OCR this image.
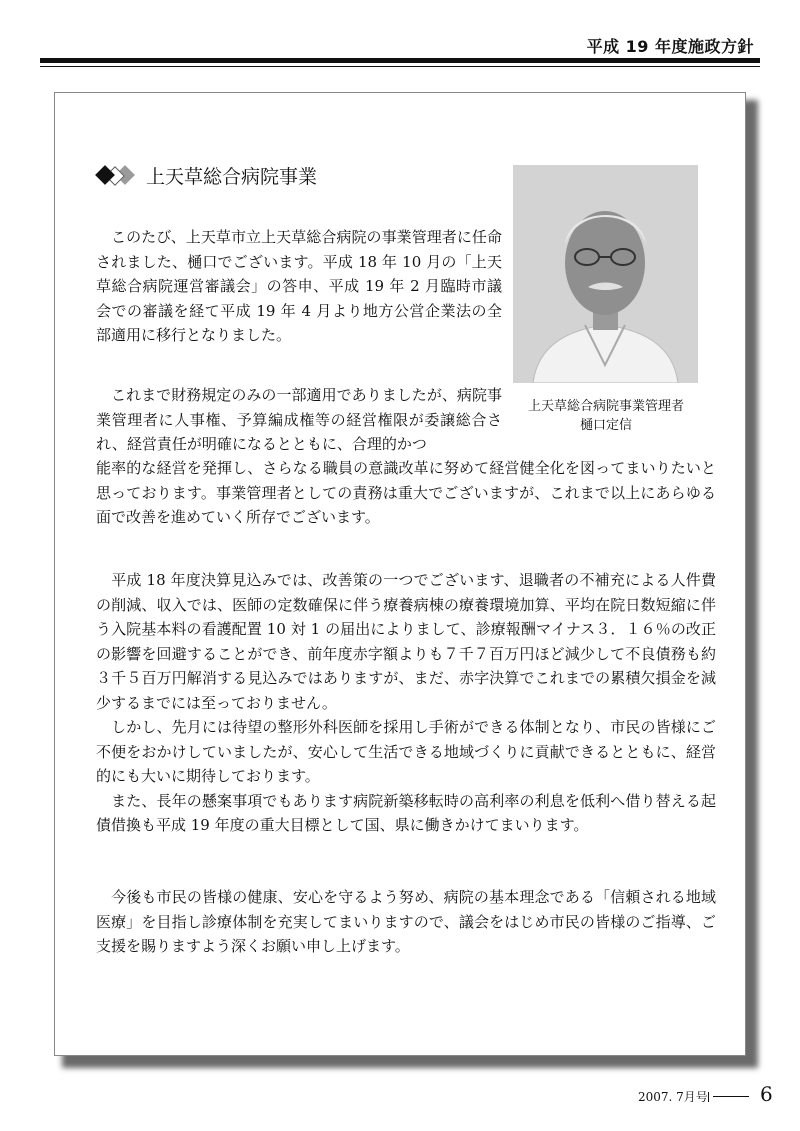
平成 19 年度施政方針
上天草総合病院事業
上天草総合病院事業管理者
樋口定信

　このたび、上天草市立上天草総合病院の事業管理者に任命されました、樋口でございます。平成 18 年 10 月の「上天草総合病院運営審議会」の答申、平成 19 年 2 月臨時市議会での審議を経て平成 19 年 4 月より地方公営企業法の全部適用に移行となりました。

　これまで財務規定のみの一部適用でありましたが、病院事業管理者に人事権、予算編成権等の経営権限が委譲総合され、経営責任が明確になるとともに、合理的かつ

能率的な経営を発揮し、さらなる職員の意識改革に努めて経営健全化を図ってまいりたいと思っております。事業管理者としての責務は重大でございますが、これまで以上にあらゆる面で改善を進めていく所存でございます。

　平成 18 年度決算見込みでは、改善策の一つでございます、退職者の不補充による人件費の削減、収入では、医師の定数確保に伴う療養病棟の療養環境加算、平均在院日数短縮に伴う入院基本料の看護配置 10 対 1 の届出によりまして、診療報酬マイナス３．１６％の改正の影響を回避することができ、前年度赤字額よりも７千７百万円ほど減少して不良債務も約３千５百万円解消する見込みではありますが、まだ、赤字決算でこれまでの累積欠損金を減少するまでには至っておりません。
　しかし、先月には待望の整形外科医師を採用し手術ができる体制となり、市民の皆様にご不便をおかけしていましたが、安心して生活できる地域づくりに貢献できるとともに、経営的にも大いに期待しております。
　また、長年の懸案事項でもあります病院新築移転時の高利率の利息を低利へ借り替える起債借換も平成 19 年度の重大目標として国、県に働きかけてまいります。

　今後も市民の皆様の健康、安心を守るよう努め、病院の基本理念である「信頼される地域医療」を目指し診療体制を充実してまいりますので、議会をはじめ市民の皆様のご指導、ご支援を賜りますよう深くお願い申し上げます。

2007. 7月号	6
